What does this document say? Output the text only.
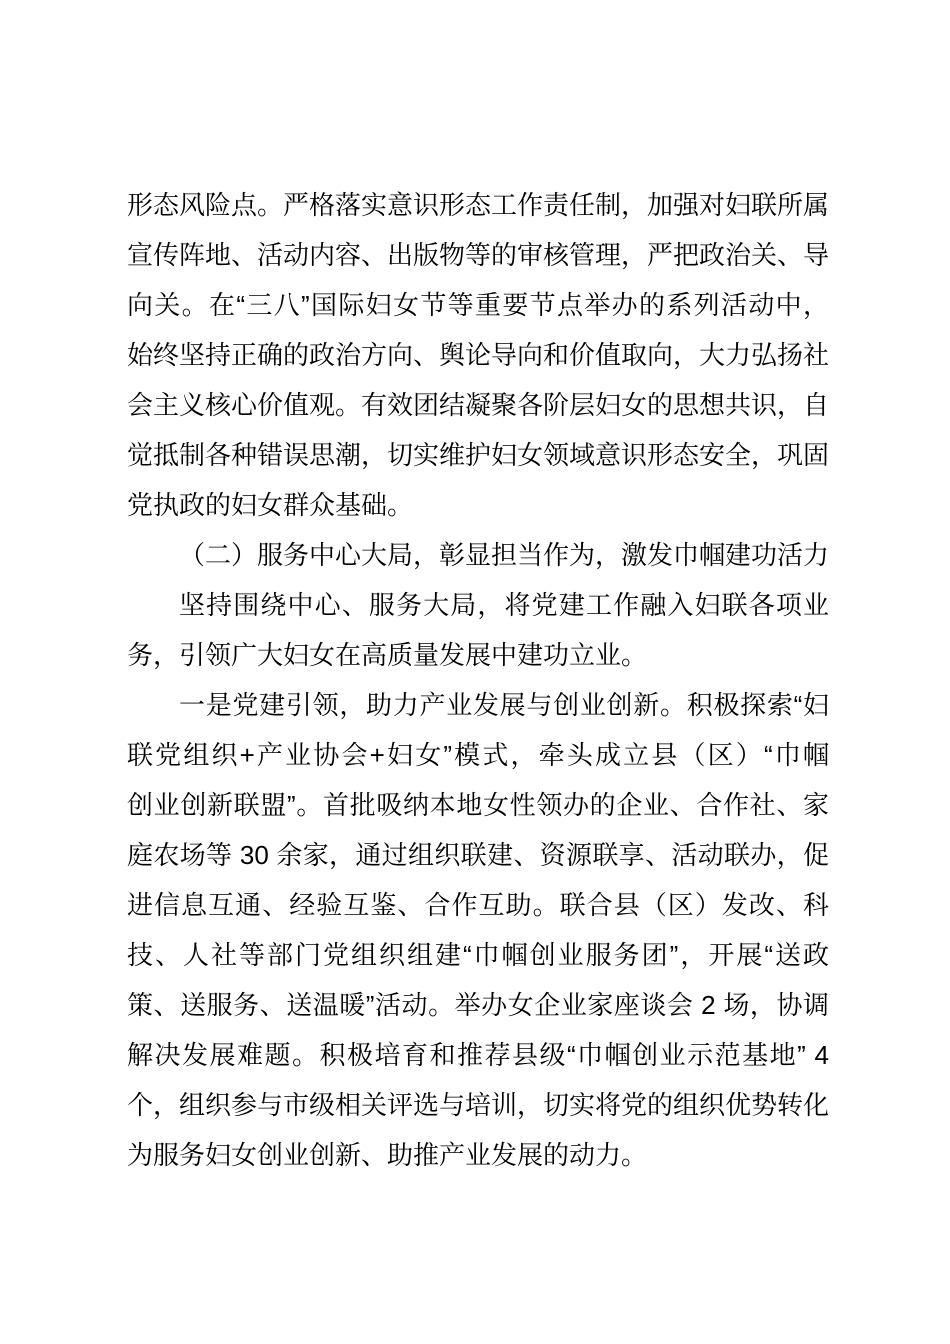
形态风险点。严格落实意识形态工作责任制，加强对妇联所属
宣传阵地、活动内容、出版物等的审核管理，严把政治关、导
向关。在“三八”国际妇女节等重要节点举办的系列活动中，
始终坚持正确的政治方向、舆论导向和价值取向，大力弘扬社
会主义核心价值观。有效团结凝聚各阶层妇女的思想共识，自
觉抵制各种错误思潮，切实维护妇女领域意识形态安全，巩固
党执政的妇女群众基础。
（二）服务中心大局，彰显担当作为，激发巾帼建功活力
坚持围绕中心、服务大局，将党建工作融入妇联各项业
务，引领广大妇女在高质量发展中建功立业。
一是党建引领，助力产业发展与创业创新。积极探索“妇
联党组织+产业协会+妇女”模式，牵头成立县（区）“巾帼
创业创新联盟”。首批吸纳本地女性领办的企业、合作社、家
庭农场等 30 余家，通过组织联建、资源联享、活动联办，促
进信息互通、经验互鉴、合作互助。联合县（区）发改、科
技、人社等部门党组织组建“巾帼创业服务团”，开展“送政
策、送服务、送温暖”活动。举办女企业家座谈会 2 场，协调
解决发展难题。积极培育和推荐县级“巾帼创业示范基地” 4
个，组织参与市级相关评选与培训，切实将党的组织优势转化
为服务妇女创业创新、助推产业发展的动力。
